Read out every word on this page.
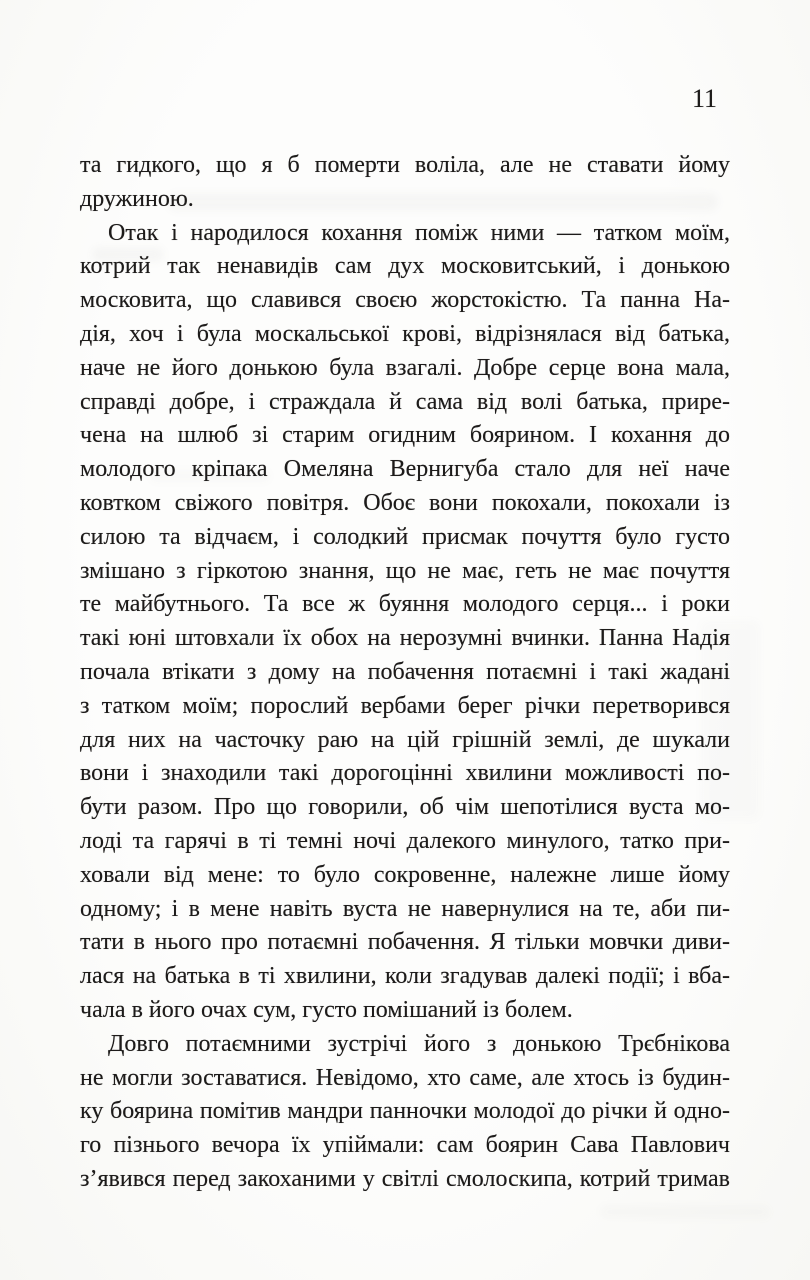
11
та гидкого, що я б померти воліла, але не ставати йому
дружиною.
Отак і народилося кохання поміж ними — татком моїм,
котрий так ненавидів сам дух московитський, і донькою
московита, що славився своєю жорстокістю. Та панна На-
дія, хоч і була москальської крові, відрізнялася від батька,
наче не його донькою була взагалі. Добре серце вона мала,
справді добре, і страждала й сама від волі батька, прире-
чена на шлюб зі старим огидним боярином. І кохання до
молодого кріпака Омеляна Вернигуба стало для неї наче
ковтком свіжого повітря. Обоє вони покохали, покохали із
силою та відчаєм, і солодкий присмак почуття було густо
змішано з гіркотою знання, що не має, геть не має почуття
те майбутнього. Та все ж буяння молодого серця... і роки
такі юні штовхали їх обох на нерозумні вчинки. Панна Надія
почала втікати з дому на побачення потаємні і такі жадані
з татком моїм; порослий вербами берег річки перетворився
для них на часточку раю на цій грішній землі, де шукали
вони і знаходили такі дорогоцінні хвилини можливості по-
бути разом. Про що говорили, об чім шепотілися вуста мо-
лоді та гарячі в ті темні ночі далекого минулого, татко при-
ховали від мене: то було сокровенне, належне лише йому
одному; і в мене навіть вуста не навернулися на те, аби пи-
тати в нього про потаємні побачення. Я тільки мовчки диви-
лася на батька в ті хвилини, коли згадував далекі події; і вба-
чала в його очах сум, густо помішаний із болем.
Довго потаємними зустрічі його з донькою Трєбнікова
не могли зоставатися. Невідомо, хто саме, але хтось із будин-
ку боярина помітив мандри панночки молодої до річки й одно-
го пізнього вечора їх упіймали: сам боярин Сава Павлович
з’явився перед закоханими у світлі смолоскипа, котрий тримав
